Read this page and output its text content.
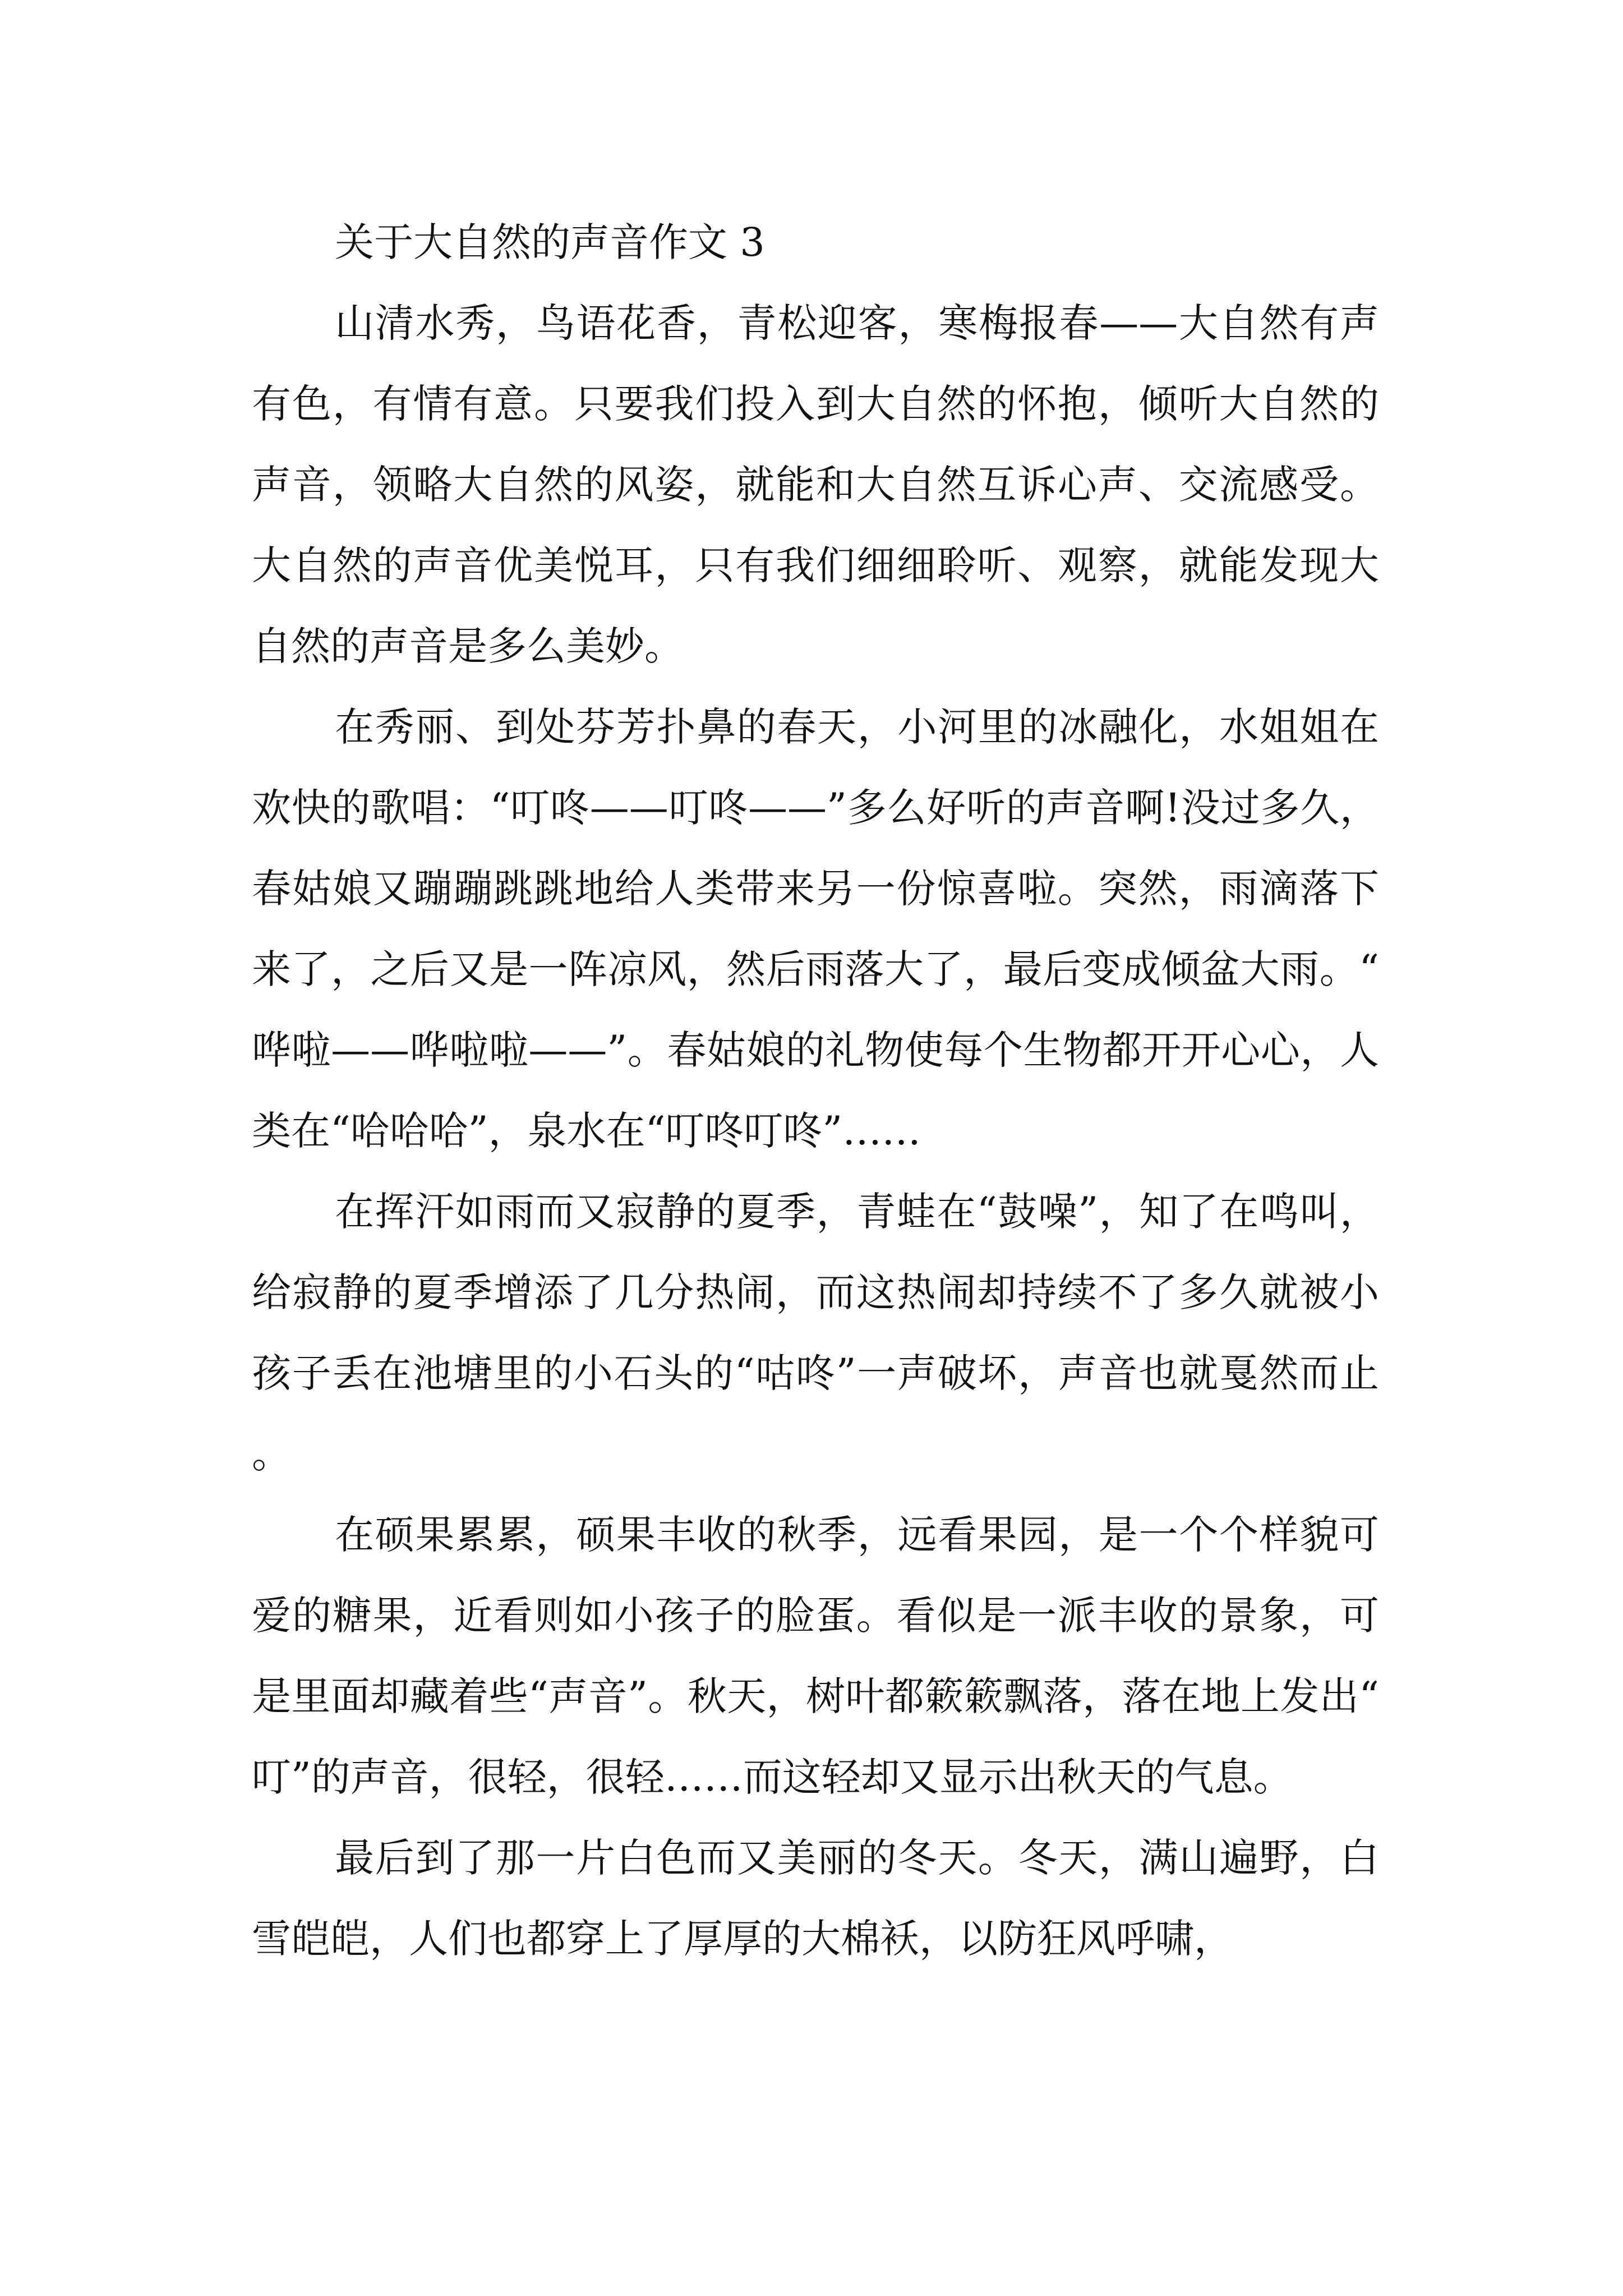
关于大自然的声音作文 3

山清水秀，鸟语花香，青松迎客，寒梅报春——大自然有声有色，有情有意。只要我们投入到大自然的怀抱，倾听大自然的声音，领略大自然的风姿，就能和大自然互诉心声、交流感受。大自然的声音优美悦耳，只有我们细细聆听、观察，就能发现大自然的声音是多么美妙。

在秀丽、到处芬芳扑鼻的春天，小河里的冰融化，水姐姐在欢快的歌唱：“叮咚——叮咚——”多么好听的声音啊!没过多久，春姑娘又蹦蹦跳跳地给人类带来另一份惊喜啦。突然，雨滴落下来了，之后又是一阵凉风，然后雨落大了，最后变成倾盆大雨。“哗啦——哗啦啦——”。春姑娘的礼物使每个生物都开开心心，人类在“哈哈哈”，泉水在“叮咚叮咚”……

在挥汗如雨而又寂静的夏季，青蛙在“鼓噪”，知了在鸣叫，给寂静的夏季增添了几分热闹，而这热闹却持续不了多久就被小孩子丢在池塘里的小石头的“咕咚”一声破坏，声音也就戛然而止。

在硕果累累，硕果丰收的秋季，远看果园，是一个个样貌可爱的糖果，近看则如小孩子的脸蛋。看似是一派丰收的景象，可是里面却藏着些“声音”。秋天，树叶都簌簌飘落，落在地上发出“叮”的声音，很轻，很轻……而这轻却又显示出秋天的气息。

最后到了那一片白色而又美丽的冬天。冬天，满山遍野，白雪皑皑，人们也都穿上了厚厚的大棉袄，以防狂风呼啸，
